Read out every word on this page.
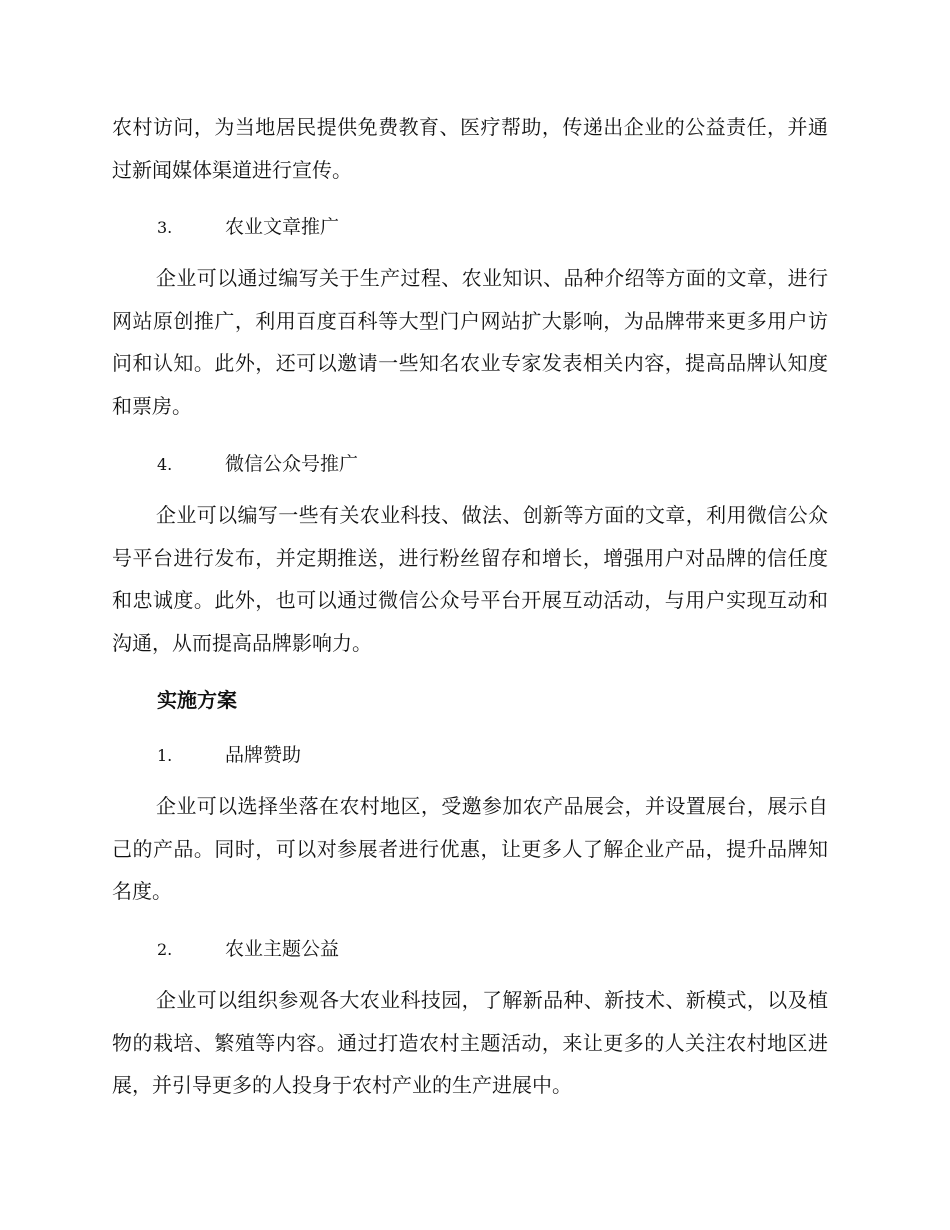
农村访问，为当地居民提供免费教育、医疗帮助，传递出企业的公益责任，并通过新闻媒体渠道进行宣传。

3.	农业文章推广

企业可以通过编写关于生产过程、农业知识、品种介绍等方面的文章，进行网站原创推广，利用百度百科等大型门户网站扩大影响，为品牌带来更多用户访问和认知。此外，还可以邀请一些知名农业专家发表相关内容，提高品牌认知度和票房。

4.	微信公众号推广

企业可以编写一些有关农业科技、做法、创新等方面的文章，利用微信公众号平台进行发布，并定期推送，进行粉丝留存和增长，增强用户对品牌的信任度和忠诚度。此外，也可以通过微信公众号平台开展互动活动，与用户实现互动和沟通，从而提高品牌影响力。

实施方案

1.	品牌赞助

企业可以选择坐落在农村地区，受邀参加农产品展会，并设置展台，展示自己的产品。同时，可以对参展者进行优惠，让更多人了解企业产品，提升品牌知名度。

2.	农业主题公益

企业可以组织参观各大农业科技园，了解新品种、新技术、新模式，以及植物的栽培、繁殖等内容。通过打造农村主题活动，来让更多的人关注农村地区进展，并引导更多的人投身于农村产业的生产进展中。
